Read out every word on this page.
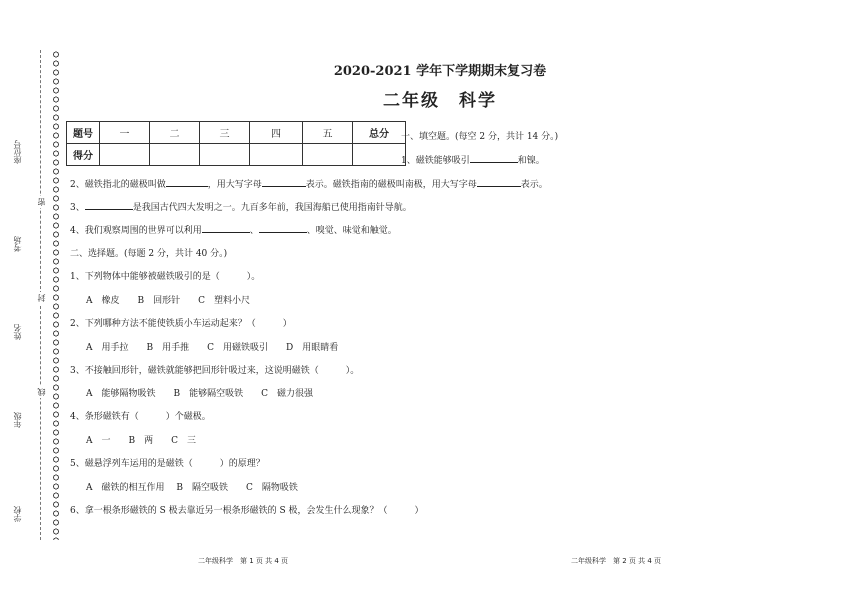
座位号
考场
姓名
年级
学校
密
封
线
2020-2021 学年下学期期末复习卷
二年级　科学
题号	一	二	三	四	五	总分
得分						
一、填空题。(每空 2 分，共计 14 分。)
1、磁铁能够吸引	和镍。
2、磁铁指北的磁极叫做	，用大写字母	表示。磁铁指南的磁极叫南极，用大写字母	表示。
3、	是我国古代四大发明之一。九百多年前，我国海船已使用指南针导航。
4、我们观察周围的世界可以利用	、	、嗅觉、味觉和触觉。
二、选择题。(每题 2 分，共计 40 分。)
1、下列物体中能够被磁铁吸引的是（　　　）。
A　橡皮　　B　回形针　　C　塑料小尺
2、下列哪种方法不能使铁质小车运动起来？（　　　）
A　用手拉　　B　用手推　　C　用磁铁吸引　　D　用眼睛看
3、不接触回形针，磁铁就能够把回形针吸过来，这说明磁铁（　　　）。
A　能够隔物吸铁　　B　能够隔空吸铁　　C　磁力很强
4、条形磁铁有（　　　）个磁极。
A　一　　B　两　　C　三
5、磁悬浮列车运用的是磁铁（　　　）的原理？
A　磁铁的相互作用　 B　隔空吸铁　　C　隔物吸铁
6、拿一根条形磁铁的 S 极去靠近另一根条形磁铁的 S 极，会发生什么现象？（　　　）
二年级科学　第 1 页 共 4 页	二年级科学　第 2 页 共 4 页
